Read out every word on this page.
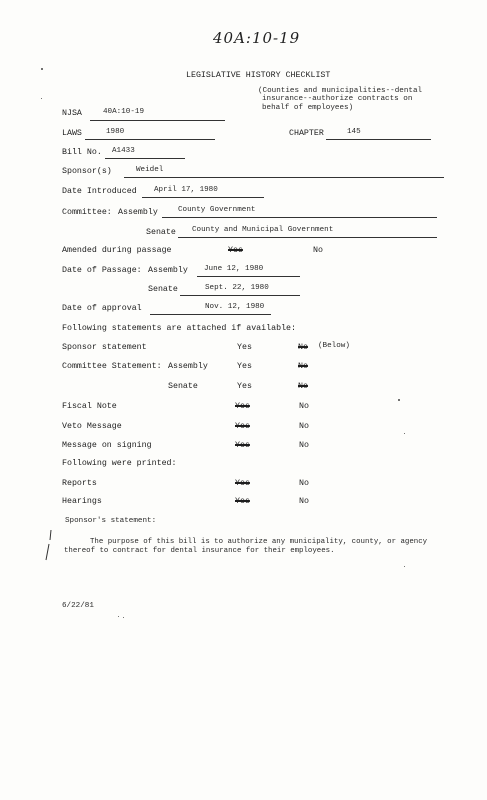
40A:10-19
LEGISLATIVE HISTORY CHECKLIST
(Counties and municipalities--dental
insurance--authorize contracts on
behalf of employees)
NJSA	40A:10-19
LAWS	1980	CHAPTER	145
Bill No. A1433
Sponsor(s)	Weidel
Date Introduced April 17, 1980
Committee: Assembly	County Government
Senate County and Municipal Government
Amended during passage	Yes	No
Date of Passage: Assembly June 12, 1980
Senate	Sept. 22, 1980
Date of approval	Nov. 12, 1980
Following statements are attached if available:
Sponsor statement	Yes	No (Below)
Committee Statement: Assembly	Yes	No
Senate	Yes	No
Fiscal Note	Yes	No
Veto Message	Yes	No
Message on signing	Yes	No
Following were printed:
Reports	Yes	No
Hearings	Yes	No
Sponsor's statement:
The purpose of this bill is to authorize any municipality, county, or agency
thereof to contract for dental insurance for their employees.
6/22/81
